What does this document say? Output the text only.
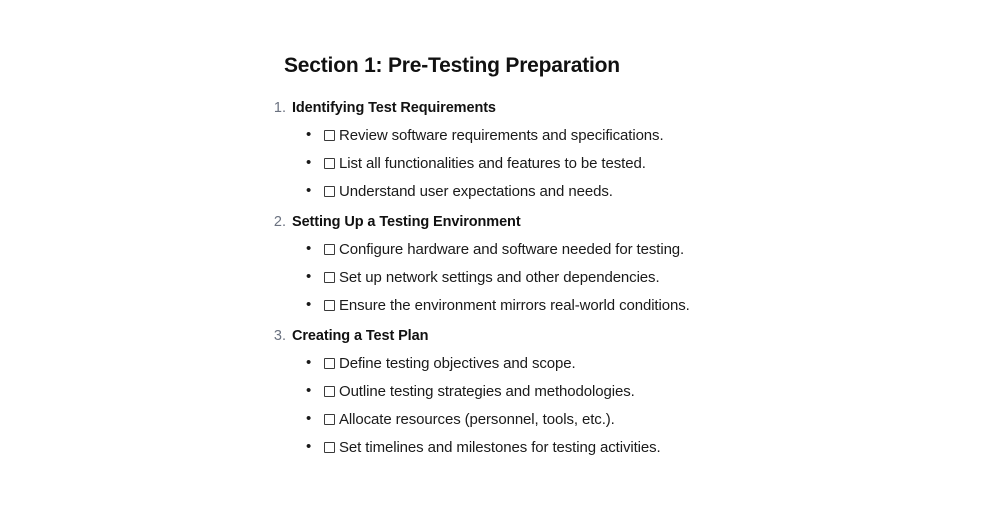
Section 1: Pre-Testing Preparation
1. Identifying Test Requirements
• Review software requirements and specifications.
• List all functionalities and features to be tested.
• Understand user expectations and needs.
2. Setting Up a Testing Environment
• Configure hardware and software needed for testing.
• Set up network settings and other dependencies.
• Ensure the environment mirrors real-world conditions.
3. Creating a Test Plan
• Define testing objectives and scope.
• Outline testing strategies and methodologies.
• Allocate resources (personnel, tools, etc.).
• Set timelines and milestones for testing activities.
